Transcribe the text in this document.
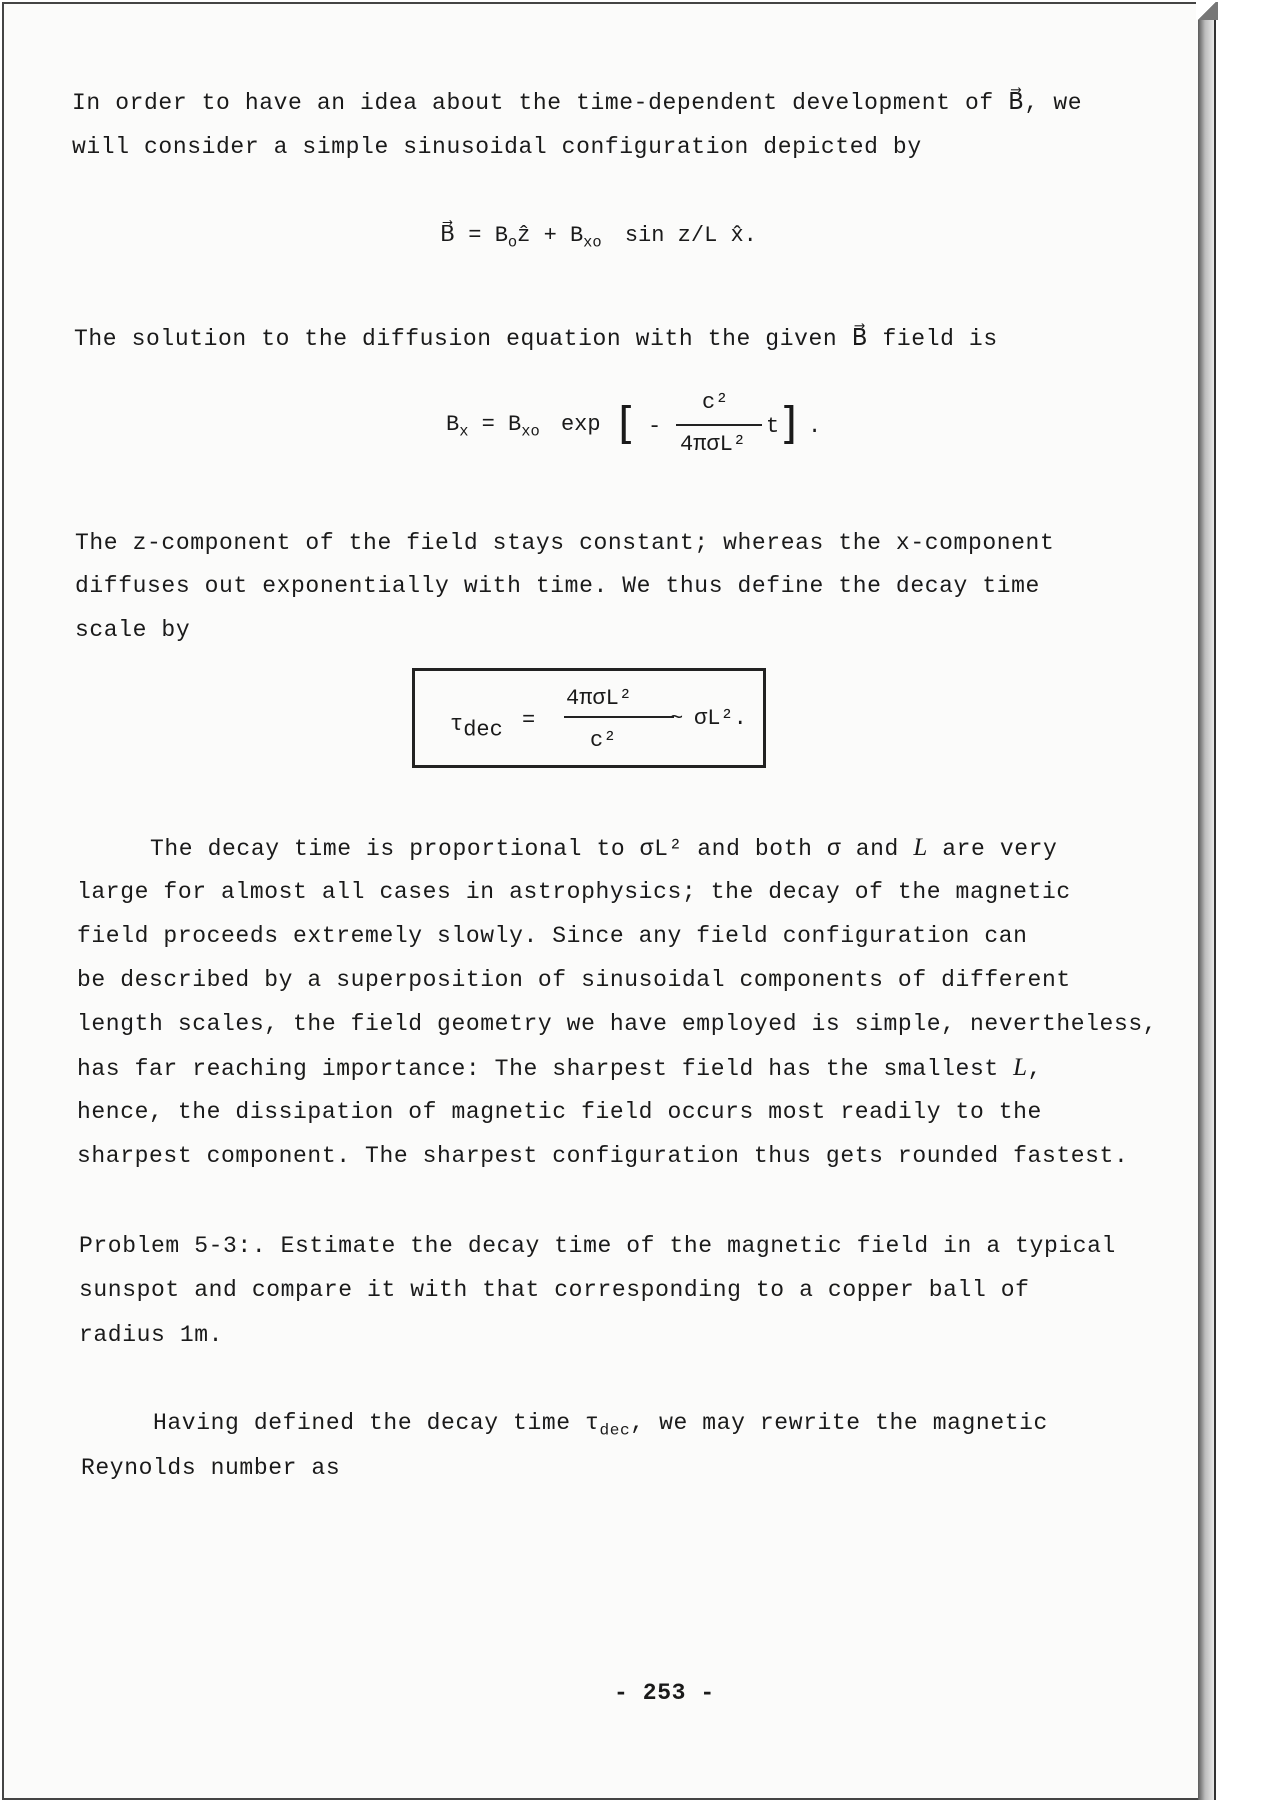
In order to have an idea about the time-dependent development of B⃗, we
will consider a simple sinusoidal configuration depicted by
B⃗ = $B_oẑ + B_{xo}$ sin z/L x̂.
The solution to the diffusion equation with the given B⃗ field is
$B_x = B_{xo}$ exp [ -
c²
4πσL²
t ] .
The z-component of the field stays constant; whereas the x-component
diffuses out exponentially with time. We thus define the decay time
scale by
$\tau_{dec}$ =
4πσL²
c²
~ σL².
The decay time is proportional to σL² and both σ and L are very
large for almost all cases in astrophysics; the decay of the magnetic
field proceeds extremely slowly. Since any field configuration can
be described by a superposition of sinusoidal components of different
length scales, the field geometry we have employed is simple, nevertheless,
has far reaching importance: The sharpest field has the smallest L,
hence, the dissipation of magnetic field occurs most readily to the
sharpest component. The sharpest configuration thus gets rounded fastest.
Problem 5-3:. Estimate the decay time of the magnetic field in a typical
sunspot and compare it with that corresponding to a copper ball of
radius 1m.
Having defined the decay time $\tau_{dec}$, we may rewrite the magnetic
Reynolds number as
- 253 -
